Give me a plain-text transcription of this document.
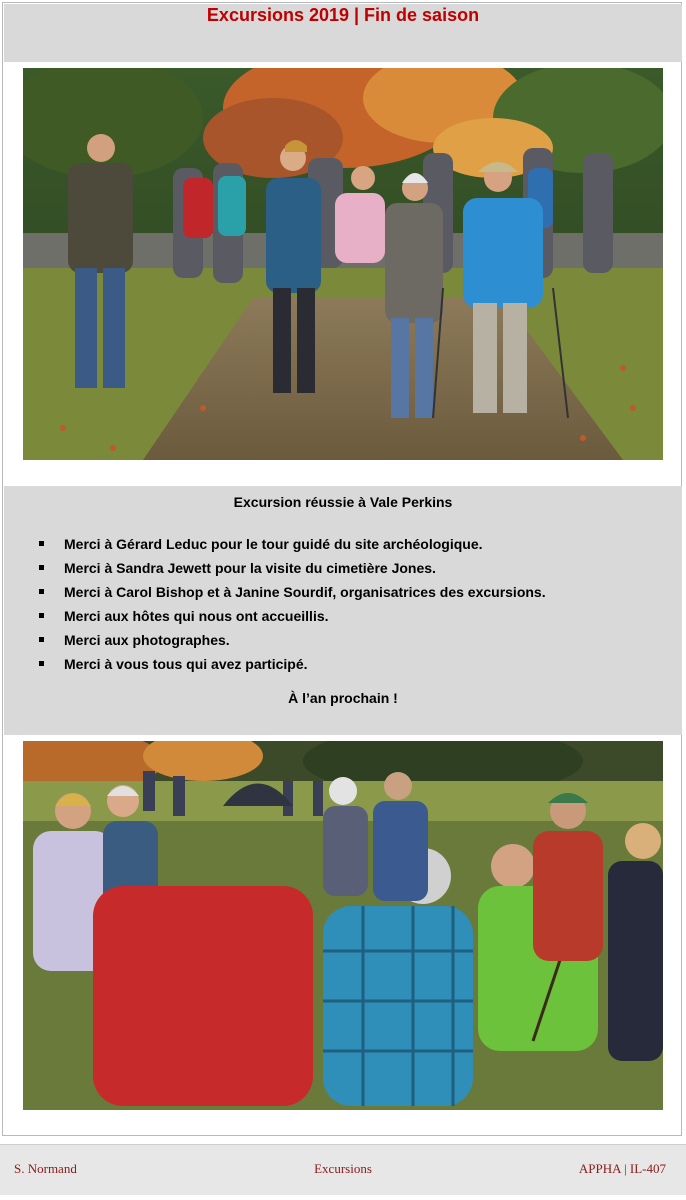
Excursions 2019 | Fin de saison
Excursion réussie à Vale Perkins
Merci à Gérard Leduc pour le tour guidé du site archéologique.
Merci à Sandra Jewett pour la visite du cimetière Jones.
Merci à Carol Bishop et à Janine Sourdif, organisatrices des excursions.
Merci aux hôtes qui nous ont accueillis.
Merci aux photographes.
Merci à vous tous qui avez participé.
À l’an prochain !
S. Normand	Excursions	APPHA | IL-407
